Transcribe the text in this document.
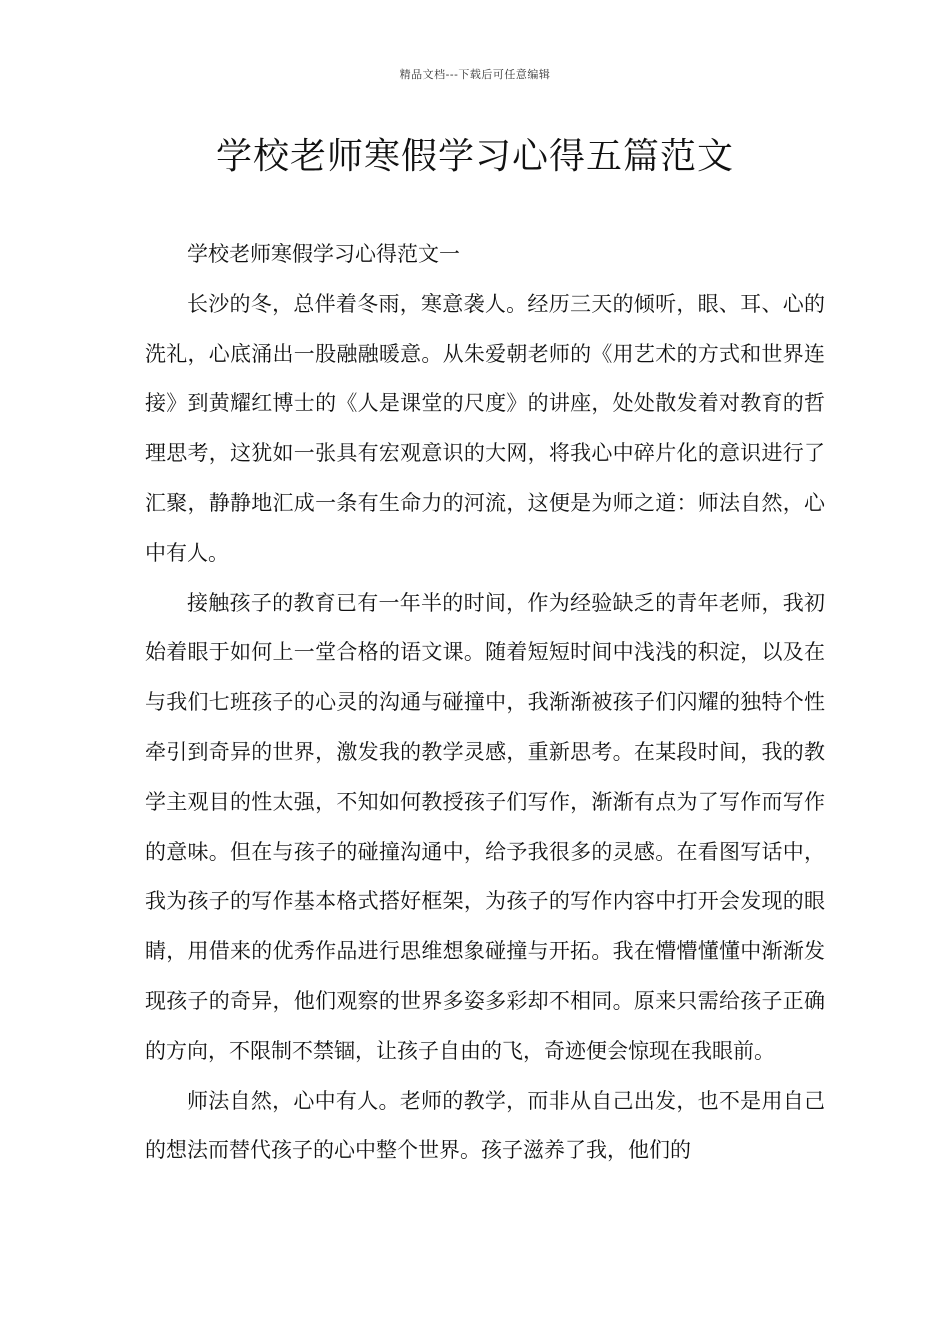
精品文档---下载后可任意编辑
学校老师寒假学习心得五篇范文

学校老师寒假学习心得范文一

长沙的冬，总伴着冬雨，寒意袭人。经历三天的倾听，眼、耳、心的洗礼，心底涌出一股融融暖意。从朱爱朝老师的《用艺术的方式和世界连接》到黄耀红博士的《人是课堂的尺度》的讲座，处处散发着对教育的哲理思考，这犹如一张具有宏观意识的大网，将我心中碎片化的意识进行了汇聚，静静地汇成一条有生命力的河流，这便是为师之道：师法自然，心中有人。

接触孩子的教育已有一年半的时间，作为经验缺乏的青年老师，我初始着眼于如何上一堂合格的语文课。随着短短时间中浅浅的积淀，以及在与我们七班孩子的心灵的沟通与碰撞中，我渐渐被孩子们闪耀的独特个性牵引到奇异的世界，激发我的教学灵感，重新思考。在某段时间，我的教学主观目的性太强，不知如何教授孩子们写作，渐渐有点为了写作而写作的意味。但在与孩子的碰撞沟通中，给予我很多的灵感。在看图写话中，我为孩子的写作基本格式搭好框架，为孩子的写作内容中打开会发现的眼睛，用借来的优秀作品进行思维想象碰撞与开拓。我在懵懵懂懂中渐渐发现孩子的奇异，他们观察的世界多姿多彩却不相同。原来只需给孩子正确的方向，不限制不禁锢，让孩子自由的飞，奇迹便会惊现在我眼前。

师法自然，心中有人。老师的教学，而非从自己出发，也不是用自己的想法而替代孩子的心中整个世界。孩子滋养了我，他们的
